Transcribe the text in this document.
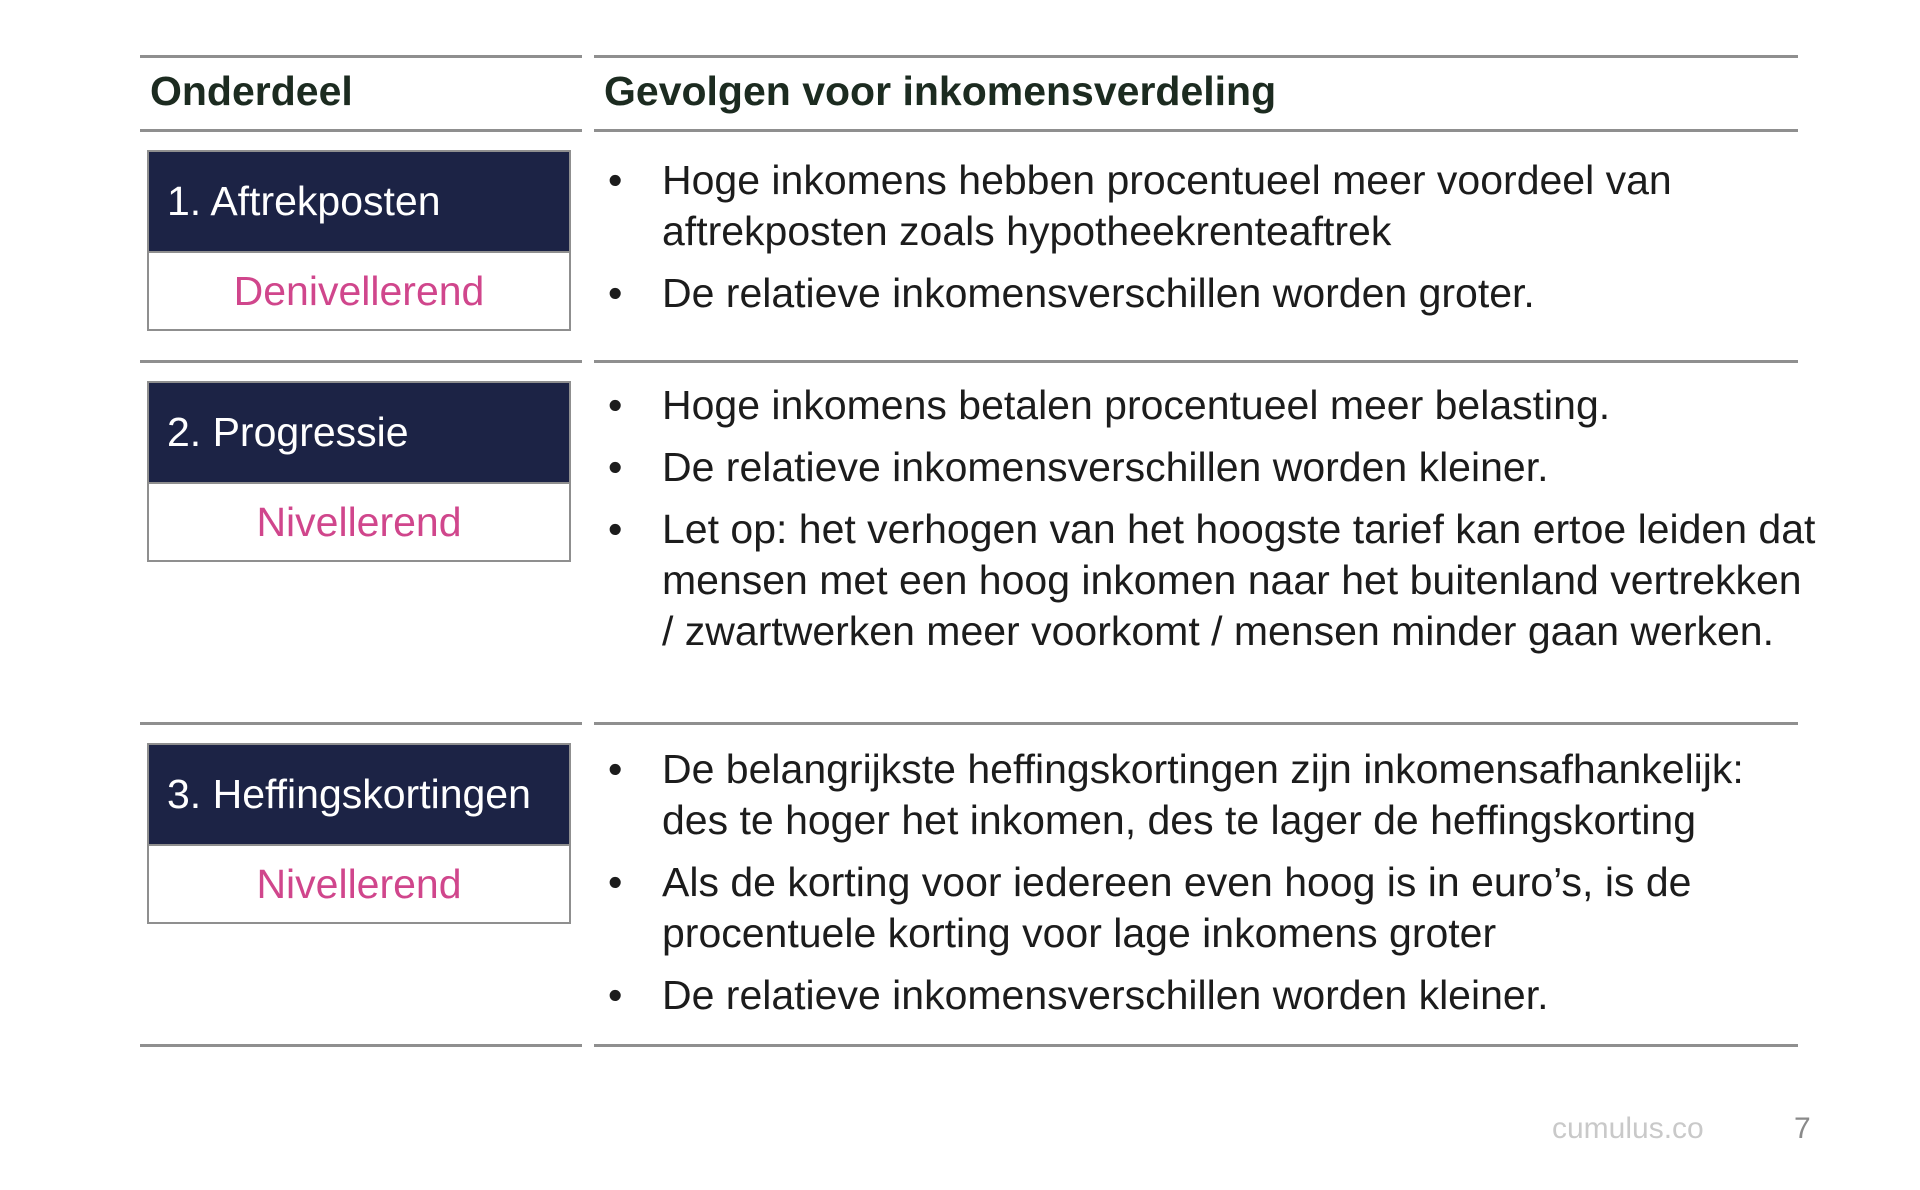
Onderdeel	Gevolgen voor inkomensverdeling
1. Aftrekposten
Denivellerend
• Hoge inkomens hebben procentueel meer voordeel van aftrekposten zoals hypotheekrenteaftrek
• De relatieve inkomensverschillen worden groter.
2. Progressie
Nivellerend
• Hoge inkomens betalen procentueel meer belasting.
• De relatieve inkomensverschillen worden kleiner.
• Let op: het verhogen van het hoogste tarief kan ertoe leiden dat mensen met een hoog inkomen naar het buitenland vertrekken / zwartwerken meer voorkomt / mensen minder gaan werken.
3. Heffingskortingen
Nivellerend
• De belangrijkste heffingskortingen zijn inkomensafhankelijk: des te hoger het inkomen, des te lager de heffingskorting
• Als de korting voor iedereen even hoog is in euro’s, is de procentuele korting voor lage inkomens groter
• De relatieve inkomensverschillen worden kleiner.
cumulus.co	7
